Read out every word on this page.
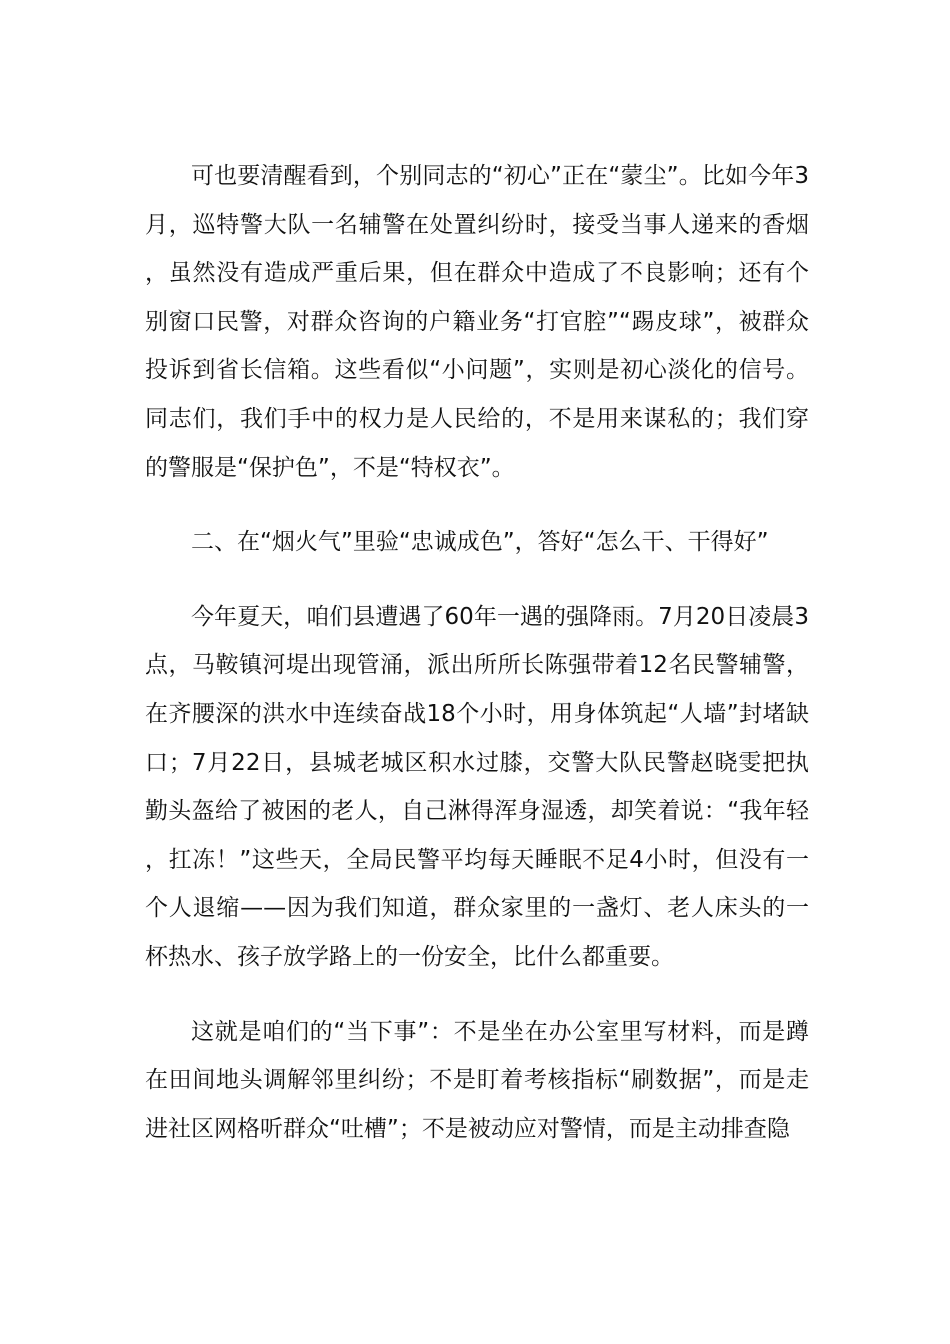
可也要清醒看到，个别同志的“初心”正在“蒙尘”。比如今年3月，巡特警大队一名辅警在处置纠纷时，接受当事人递来的香烟，虽然没有造成严重后果，但在群众中造成了不良影响；还有个别窗口民警，对群众咨询的户籍业务“打官腔”“踢皮球”，被群众投诉到省长信箱。这些看似“小问题”，实则是初心淡化的信号。同志们，我们手中的权力是人民给的，不是用来谋私的；我们穿的警服是“保护色”，不是“特权衣”。

二、在“烟火气”里验“忠诚成色”，答好“怎么干、干得好”

今年夏天，咱们县遭遇了60年一遇的强降雨。7月20日凌晨3点，马鞍镇河堤出现管涌，派出所所长陈强带着12名民警辅警，在齐腰深的洪水中连续奋战18个小时，用身体筑起“人墙”封堵缺口；7月22日，县城老城区积水过膝，交警大队民警赵晓雯把执勤头盔给了被困的老人，自己淋得浑身湿透，却笑着说：“我年轻，扛冻！”这些天，全局民警平均每天睡眠不足4小时，但没有一个人退缩——因为我们知道，群众家里的一盏灯、老人床头的一杯热水、孩子放学路上的一份安全，比什么都重要。

这就是咱们的“当下事”：不是坐在办公室里写材料，而是蹲在田间地头调解邻里纠纷；不是盯着考核指标“刷数据”，而是走进社区网格听群众“吐槽”；不是被动应对警情，而是主动排查隐
